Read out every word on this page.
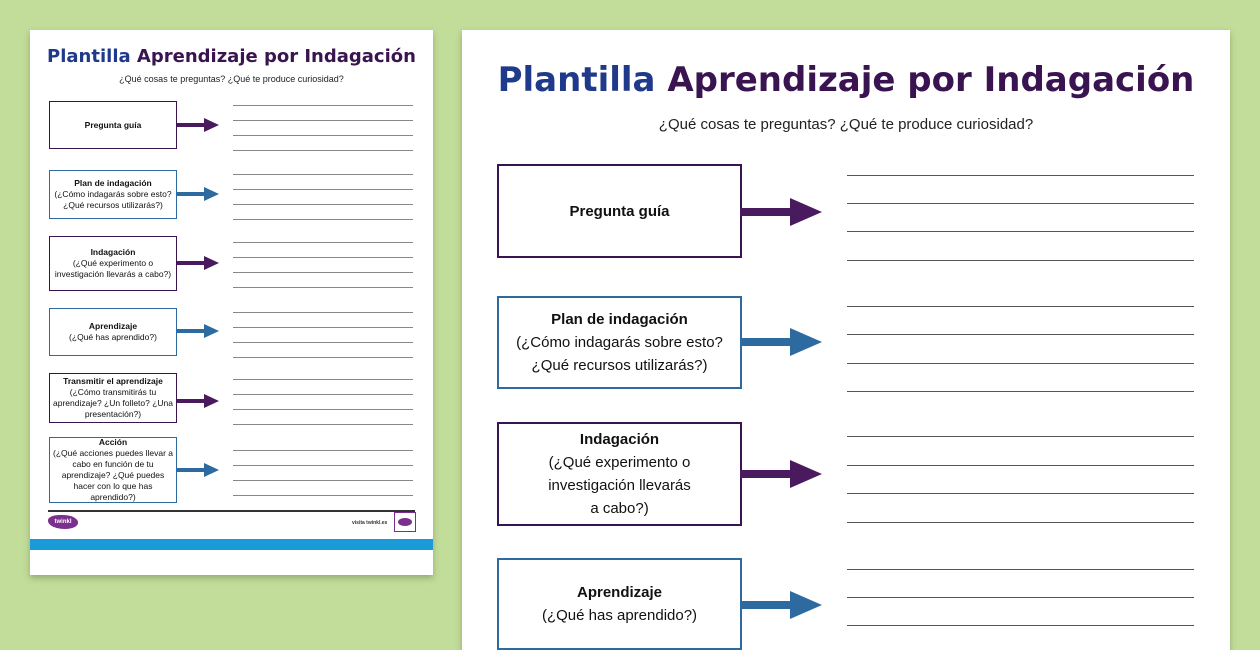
Plantilla Aprendizaje por Indagación
¿Qué cosas te preguntas? ¿Qué te produce curiosidad?
Pregunta guía
Plan de indagación
(¿Cómo indagarás sobre esto? ¿Qué recursos utilizarás?)
Indagación
(¿Qué experimento o investigación llevarás a cabo?)
Aprendizaje
(¿Qué has aprendido?)
Transmitir el aprendizaje
(¿Cómo transmitirás tu aprendizaje? ¿Un folleto? ¿Una presentación?)
Acción
(¿Qué acciones puedes llevar a cabo en función de tu aprendizaje? ¿Qué puedes hacer con lo que has aprendido?)
twinkl	visita twinkl.es
Plantilla Aprendizaje por Indagación
¿Qué cosas te preguntas? ¿Qué te produce curiosidad?
Pregunta guía
Plan de indagación
(¿Cómo indagarás sobre esto?
¿Qué recursos utilizarás?)
Indagación
(¿Qué experimento o
investigación llevarás
a cabo?)
Aprendizaje
(¿Qué has aprendido?)
